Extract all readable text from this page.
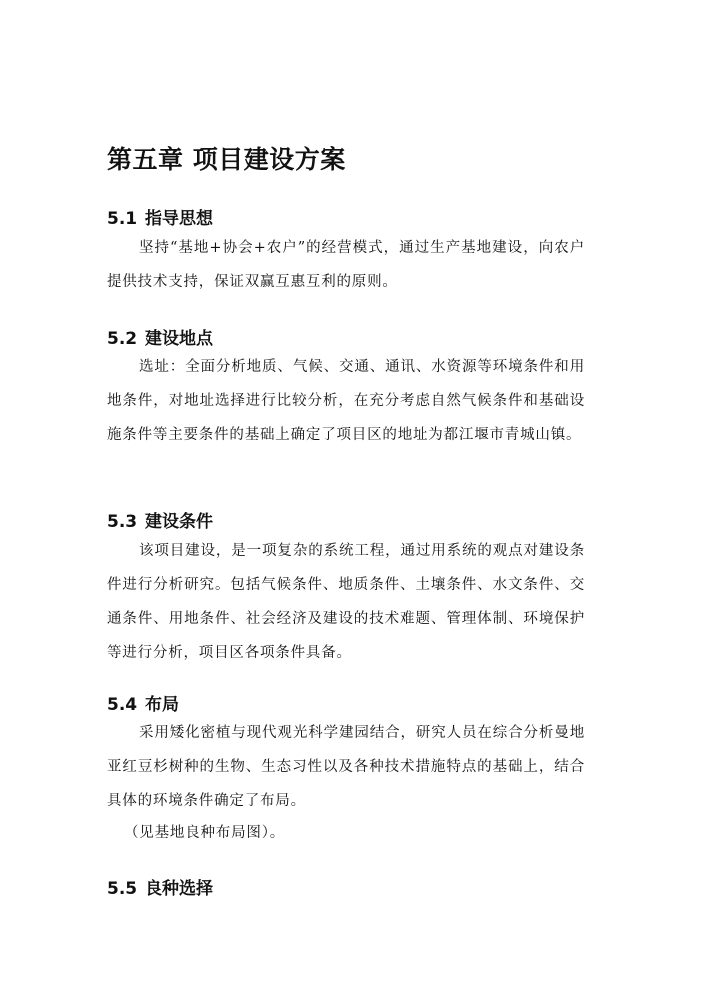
第五章 项目建设方案
5.1 指导思想
坚持“基地+协会+农户”的经营模式，通过生产基地建设，向农户提供技术支持，保证双赢互惠互利的原则。
5.2 建设地点
选址：全面分析地质、气候、交通、通讯、水资源等环境条件和用地条件，对地址选择进行比较分析，在充分考虑自然气候条件和基础设施条件等主要条件的基础上确定了项目区的地址为都江堰市青城山镇。
5.3 建设条件
该项目建设，是一项复杂的系统工程，通过用系统的观点对建设条件进行分析研究。包括气候条件、地质条件、土壤条件、水文条件、交通条件、用地条件、社会经济及建设的技术难题、管理体制、环境保护等进行分析，项目区各项条件具备。
5.4 布局
采用矮化密植与现代观光科学建园结合，研究人员在综合分析曼地亚红豆杉树种的生物、生态习性以及各种技术措施特点的基础上，结合具体的环境条件确定了布局。
（见基地良种布局图）。
5.5 良种选择
